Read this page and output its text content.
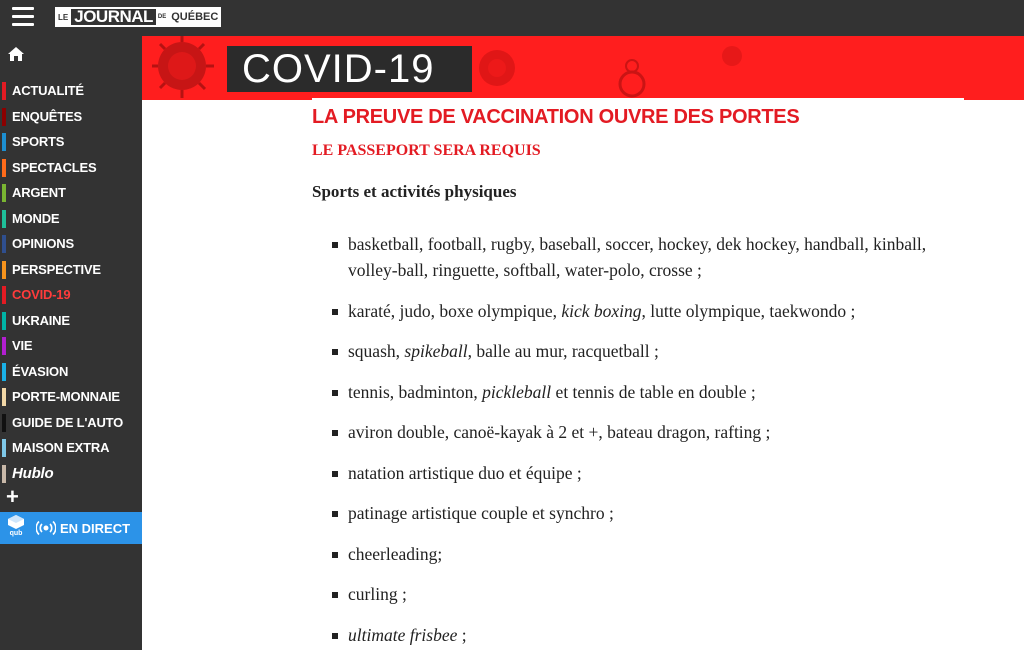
LE JOURNAL DE QUÉBEC
ACTUALITÉ
ENQUÊTES
SPORTS
SPECTACLES
ARGENT
MONDE
OPINIONS
PERSPECTIVE
COVID-19
UKRAINE
VIE
ÉVASION
PORTE-MONNAIE
GUIDE DE L'AUTO
MAISON EXTRA
Hublo
+
qub	EN DIRECT
COVID-19
LA PREUVE DE VACCINATION OUVRE DES PORTES
LE PASSEPORT SERA REQUIS
Sports et activités physiques
basketball, football, rugby, baseball, soccer, hockey, dek hockey, handball, kinball, volley-ball, ringuette, softball, water-polo, crosse ;
karaté, judo, boxe olympique, kick boxing, lutte olympique, taekwondo ;
squash, spikeball, balle au mur, racquetball ;
tennis, badminton, pickleball et tennis de table en double ;
aviron double, canoë-kayak à 2 et +, bateau dragon, rafting ;
natation artistique duo et équipe ;
patinage artistique couple et synchro ;
cheerleading;
curling ;
ultimate frisbee ;
